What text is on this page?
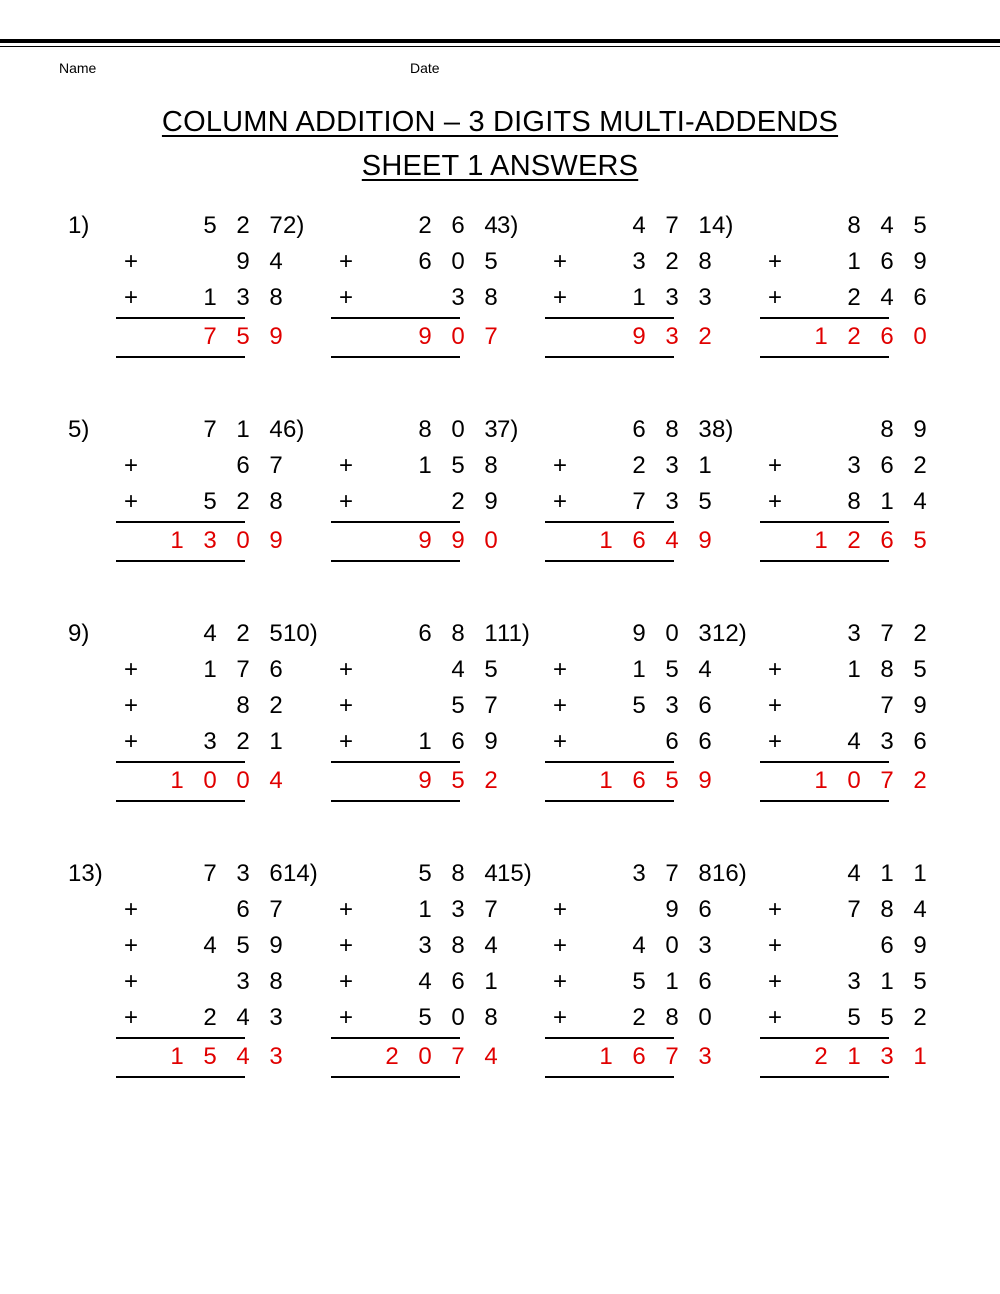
Name	Date
COLUMN ADDITION – 3 DIGITS MULTI-ADDENDS
SHEET 1 ANSWERS
1)	5 2 7
+	9 4
+	1 3 8
7 5 9
2)	2 6 4
+	6 0 5
+	3 8
9 0 7
3)	4 7 1
+	3 2 8
+	1 3 3
9 3 2
4)	8 4 5
+	1 6 9
+	2 4 6
1 2 6 0
5)	7 1 4
+	6 7
+	5 2 8
1 3 0 9
6)	8 0 3
+	1 5 8
+	2 9
9 9 0
7)	6 8 3
+	2 3 1
+	7 3 5
1 6 4 9
8)	8 9
+	3 6 2
+	8 1 4
1 2 6 5
9)	4 2 5
+	1 7 6
+	8 2
+	3 2 1
1 0 0 4
10)	6 8 1
+	4 5
+	5 7
+	1 6 9
9 5 2
11)	9 0 3
+	1 5 4
+	5 3 6
+	6 6
1 6 5 9
12)	3 7 2
+	1 8 5
+	7 9
+	4 3 6
1 0 7 2
13)	7 3 6
+	6 7
+	4 5 9
+	3 8
+	2 4 3
1 5 4 3
14)	5 8 4
+	1 3 7
+	3 8 4
+	4 6 1
+	5 0 8
2 0 7 4
15)	3 7 8
+	9 6
+	4 0 3
+	5 1 6
+	2 8 0
1 6 7 3
16)	4 1 1
+	7 8 4
+	6 9
+	3 1 5
+	5 5 2
2 1 3 1
